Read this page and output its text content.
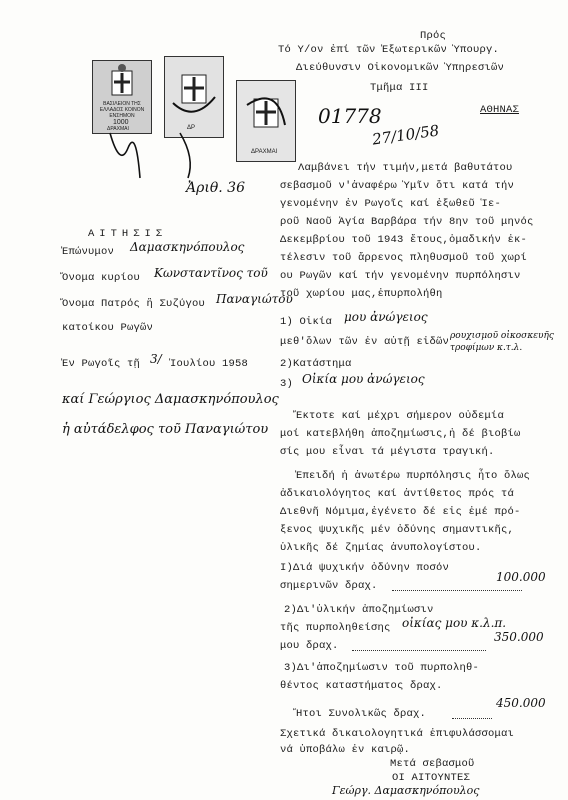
Πρός
Τό Υ/ον ἐπί τῶν Ἐξωτερικῶν Ὑπουργ.
Διεύθυνσιν Οἰκονομικῶν Ὑπηρεσιῶν
Τμῆμα ΙΙΙ
ΑΘΗΝΑΣ
01778
27/10/58
ΒΑΣΙΛΕΙΟΝ ΤΗΣ ΕΛΛΑΔΟΣ ΚΟΙΝΟΝ ΕΝΣΗΜΟΝ
1000
ΔΡΑΧΜΑΙ	ΔΡ
ΔΡΑΧΜΑΙ
Ἀριθ. 36
ΑΙΤΗΣΙΣ
Ἐπώνυμον Δαμασκηνόπουλος
Ὄνομα κυρίου Κωνσταντῖνος τοῦ
Ὄνομα Πατρός ἢ Συζύγου Παναγιώτου
κατοίκου Ρωγῶν
Ἐν Ρωγοῖς τῇ 3/ Ἰουλίου 1958
καί Γεώργιος Δαμασκηνόπουλος
ἡ αὐτάδελφος τοῦ Παναγιώτου
Λαμβάνει τήν τιμήν,μετά βαθυτάτου
σεβασμοῦ ν'ἀναφέρω Ὑμῖν ὅτι κατά τήν
γενομένην ἐν Ρωγοῖς καί ἐξωθεῦ Ἱε-
ροῦ Ναοῦ Ἁγία Βαρβάρα τήν 8ην τοῦ μηνός
Δεκεμβρίου τοῦ 1943 ἔτους,ὁμαδικήν ἐκ-
τέλεσιν τοῦ ἄρρενος πληθυσμοῦ τοῦ χωρί
ου Ρωγῶν καί τήν γενομένην πυρπόλησιν
τοῦ χωρίου μας,ἐπυρπολήθη
1) Οἰκία μου ἀνώγειος
μεθ'ὅλων τῶν ἐν αὐτῇ εἰδῶν ρουχισμοῦ οἰκοσκευῆς τροφίμων κ.τ.λ.
2)Κατάστημα
3) Οἰκία μου ἀνώγειος
Ἔκτοτε καί μέχρι σήμερον οὐδεμία
μοί κατεβλήθη ἀποζημίωσις,ἡ δέ βιοβίω
σίς μου εἶναι τά μέγιστα τραγική.
Ἐπειδή ἡ ἀνωτέρω πυρπόλησις ἦτο ὅλως
ἀδικαιολόγητος καί ἀντίθετος πρός τά
Διεθνῆ Νόμιμα,ἐγένετο δέ εἰς ἐμέ πρό-
ξενος ψυχικῆς μέν ὀδύνης σημαντικῆς,
ὑλικῆς δέ ζημίας ἀνυπολογίστου.
Ι)Διά ψυχικήν ὀδύνην ποσόν
σημερινῶν δραχ.
100.000
2)Δι'ὑλικήν ἀποζημίωσιν
τῆς πυρποληθείσης οἰκίας μου κ.λ.π.
μου δραχ.
350.000
3)Δι'ἀποζημίωσιν τοῦ πυρποληθ-
θέντος καταστήματος δραχ.
Ἤτοι Συνολικῶς δραχ.
450.000
Σχετικά δικαιολογητικά ἐπιφυλάσσομαι
νά ὑποβάλω ἐν καιρῷ.
Μετά σεβασμοῦ
ΟΙ ΑΙΤΟΥΝΤΕΣ
Γεώργ. Δαμασκηνόπουλος
